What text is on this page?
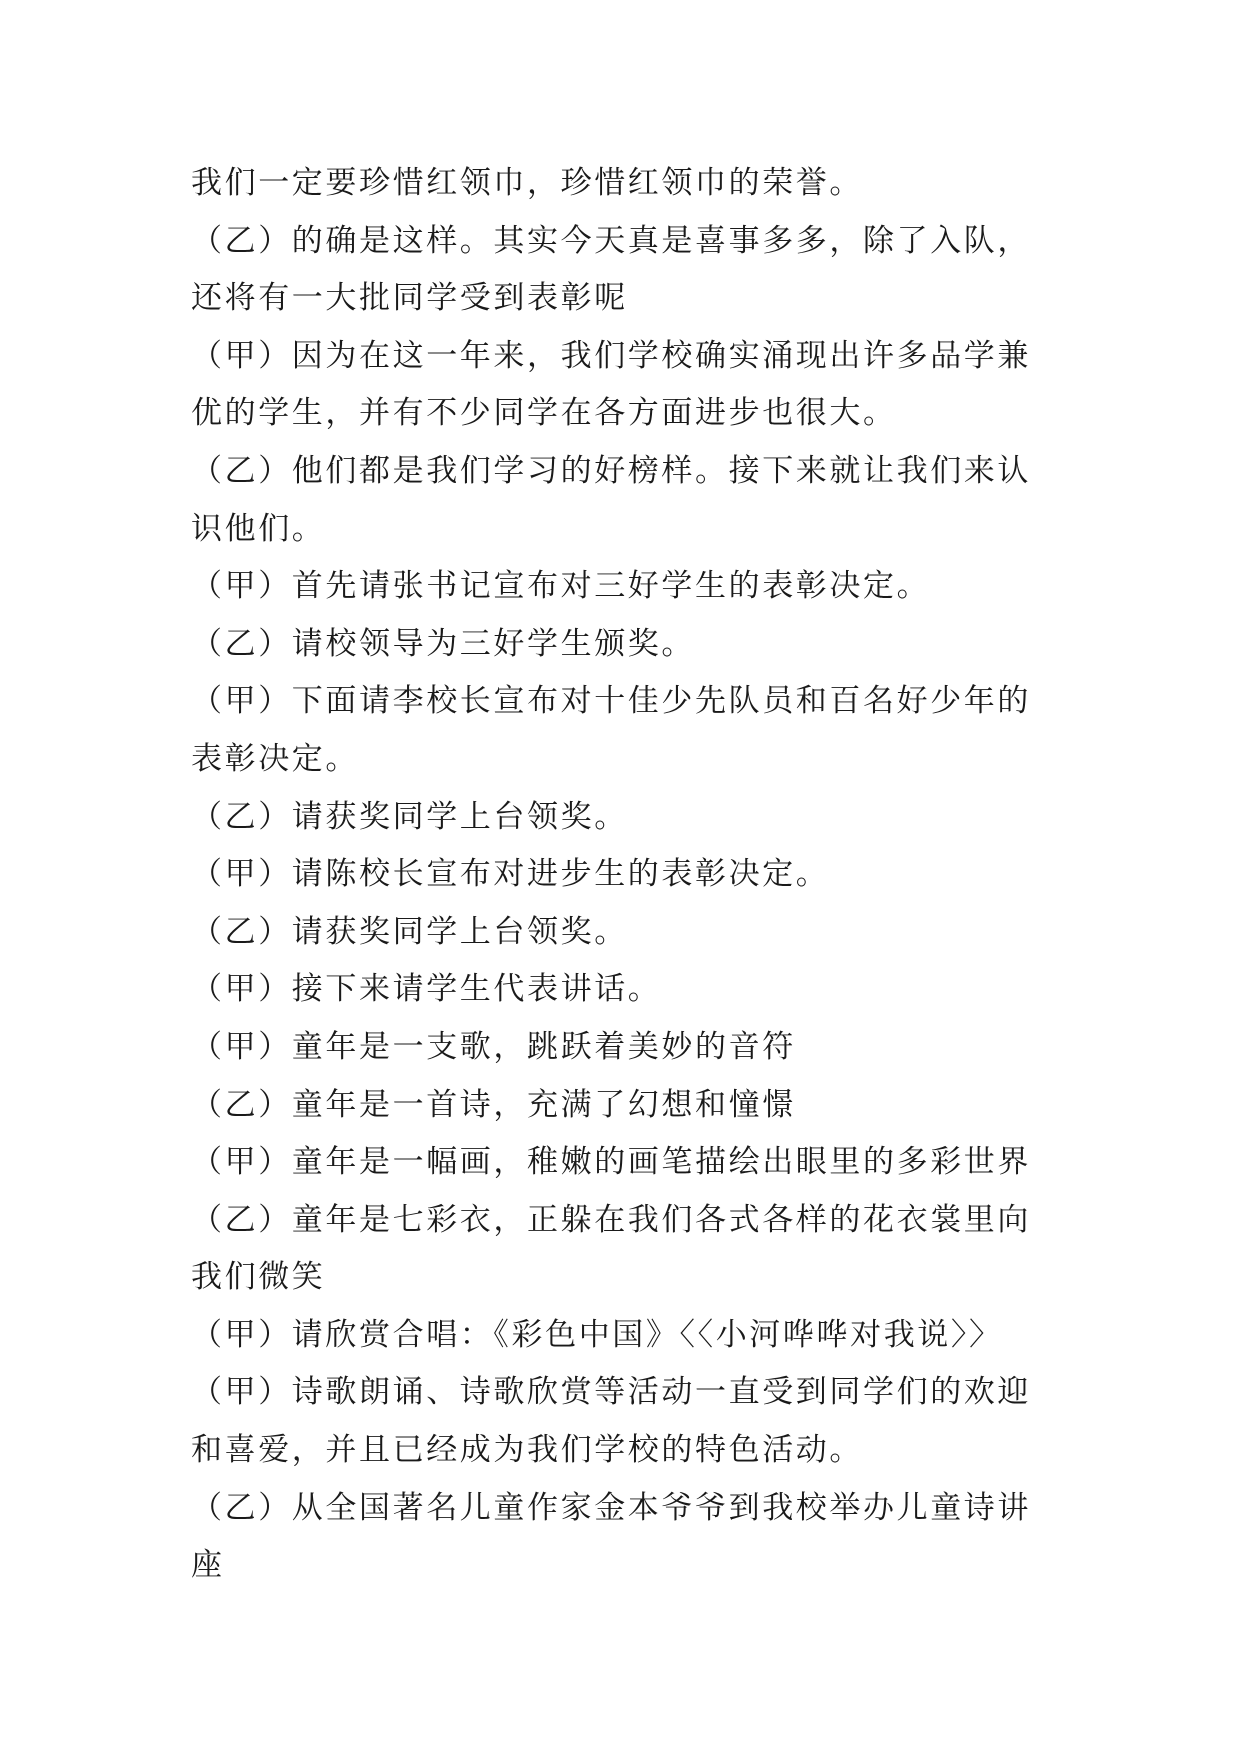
我们一定要珍惜红领巾，珍惜红领巾的荣誉。

（乙）的确是这样。其实今天真是喜事多多，除了入队，还将有一大批同学受到表彰呢

（甲）因为在这一年来，我们学校确实涌现出许多品学兼优的学生，并有不少同学在各方面进步也很大。

（乙）他们都是我们学习的好榜样。接下来就让我们来认识他们。

（甲）首先请张书记宣布对三好学生的表彰决定。

（乙）请校领导为三好学生颁奖。

（甲）下面请李校长宣布对十佳少先队员和百名好少年的表彰决定。

（乙）请获奖同学上台领奖。

（甲）请陈校长宣布对进步生的表彰决定。

（乙）请获奖同学上台领奖。

（甲）接下来请学生代表讲话。

（甲）童年是一支歌，跳跃着美妙的音符

（乙）童年是一首诗，充满了幻想和憧憬

（甲）童年是一幅画，稚嫩的画笔描绘出眼里的多彩世界

（乙）童年是七彩衣，正躲在我们各式各样的花衣裳里向我们微笑

（甲）请欣赏合唱：《彩色中国》〈〈小河哗哗对我说〉〉

（甲）诗歌朗诵、诗歌欣赏等活动一直受到同学们的欢迎和喜爱，并且已经成为我们学校的特色活动。

（乙）从全国著名儿童作家金本爷爷到我校举办儿童诗讲座
